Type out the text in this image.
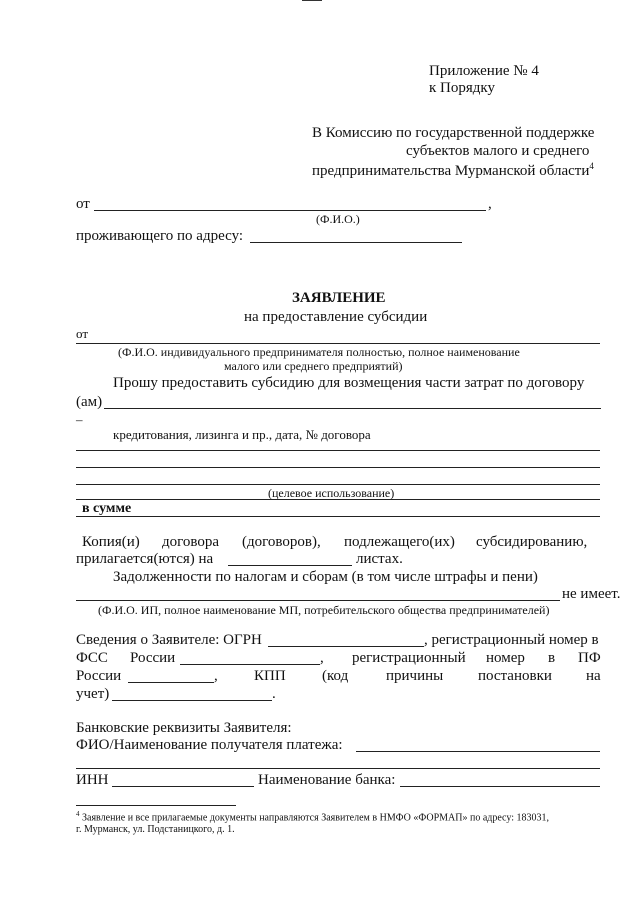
Приложение № 4
к Порядку
В Комиссию по государственной поддержке
субъектов малого и среднего
предпринимательства Мурманской области$^4$
от	,
(Ф.И.О.)
проживающего по адресу:
ЗАЯВЛЕНИЕ
на предоставление субсидии
от
(Ф.И.О. индивидуального предпринимателя полностью, полное наименование
малого или среднего предприятий)
Прошу предоставить субсидию для возмещения части затрат по договору
(ам)
–
кредитования, лизинга и пр., дата, № договора
(целевое использование)
в сумме
Копия(и) договора (договоров), подлежащего(их) субсидированию,
прилагается(ются) на	листах.
Задолженности по налогам и сборам (в том числе штрафы и пени)
не имеет.
(Ф.И.О. ИП, полное наименование МП, потребительского общества предпринимателей)
Сведения о Заявителе: ОГРН	, регистрационный номер в
ФСС России	, регистрационный номер в ПФ
России	, КПП (код	причины постановки на
учет)	.
Банковские реквизиты Заявителя:
ФИО/Наименование получателя платежа:
ИНН	Наименование банка:
$^4$ Заявление и все прилагаемые документы направляются Заявителем в НМФО «ФОРМАП» по адресу: 183031,
г. Мурманск, ул. Подстаницкого, д. 1.
